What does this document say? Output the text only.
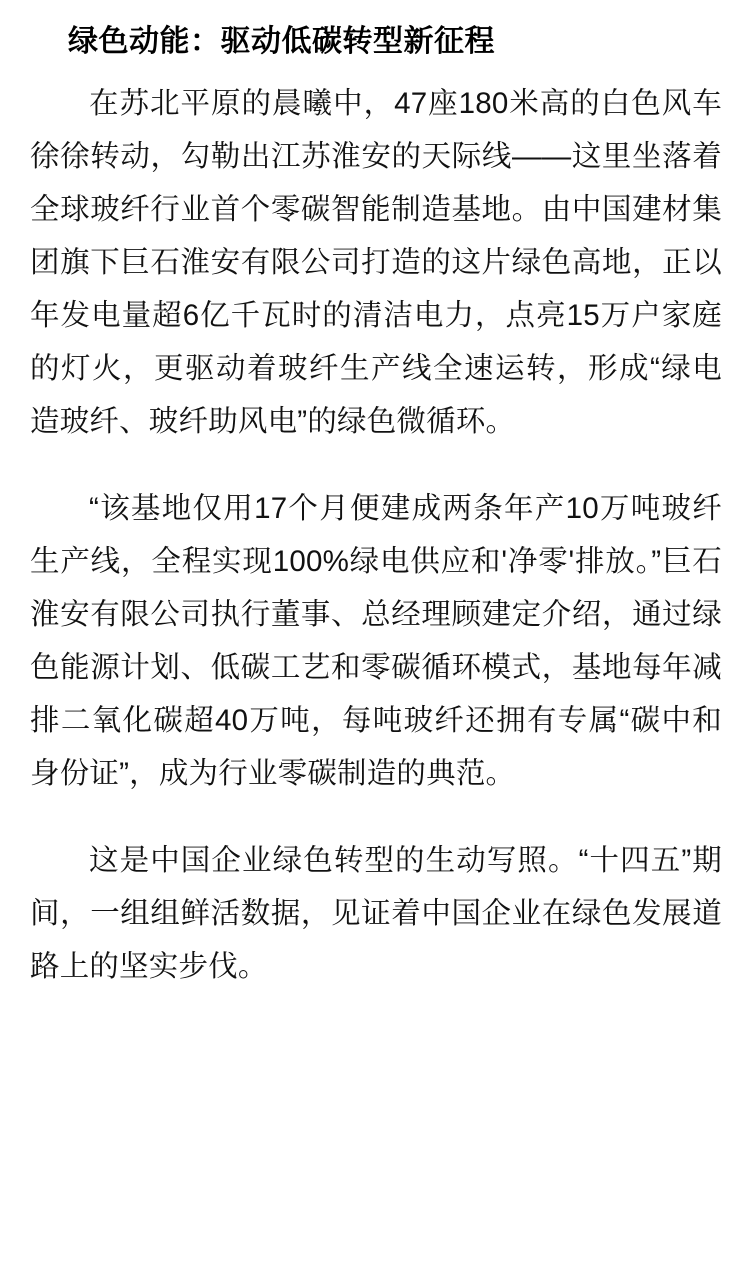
绿色动能：驱动低碳转型新征程

在苏北平原的晨曦中，47座180米高的白色风车徐徐转动，勾勒出江苏淮安的天际线——这里坐落着全球玻纤行业首个零碳智能制造基地。由中国建材集团旗下巨石淮安有限公司打造的这片绿色高地，正以年发电量超6亿千瓦时的清洁电力，点亮15万户家庭的灯火，更驱动着玻纤生产线全速运转，形成“绿电造玻纤、玻纤助风电”的绿色微循环。

“该基地仅用17个月便建成两条年产10万吨玻纤生产线，全程实现100%绿电供应和'净零'排放。”巨石淮安有限公司执行董事、总经理顾建定介绍，通过绿色能源计划、低碳工艺和零碳循环模式，基地每年减排二氧化碳超40万吨，每吨玻纤还拥有专属“碳中和身份证”，成为行业零碳制造的典范。

这是中国企业绿色转型的生动写照。“十四五”期间，一组组鲜活数据，见证着中国企业在绿色发展道路上的坚实步伐。
